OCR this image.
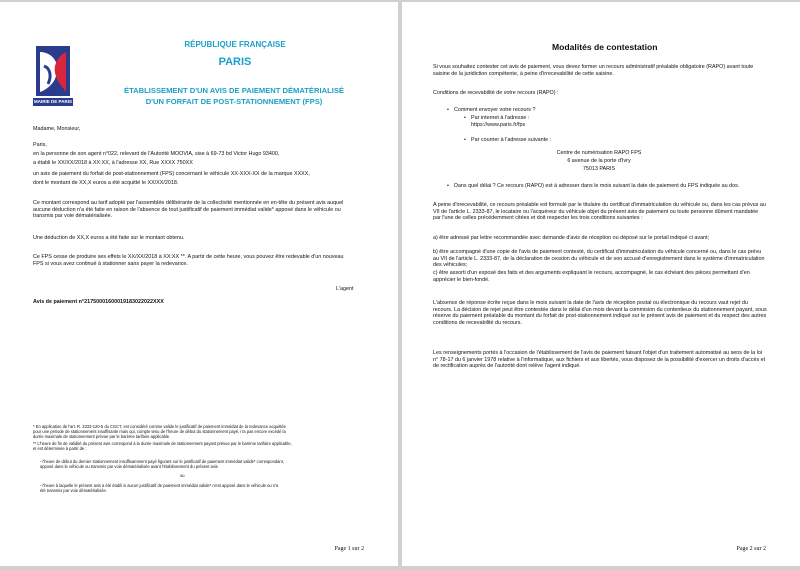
MAIRIE DE PARIS
RÉPUBLIQUE FRANÇAISE
PARIS
ÉTABLISSEMENT D'UN AVIS DE PAIEMENT DÉMATÉRIALISÉ
D'UN FORFAIT DE POST-STATIONNEMENT (FPS)
Madame, Monsieur,
Paris,
en la personne de son agent n°022, relevant de l'Autorité MOOVIA, sise à 69-73 bd Victor Hugo 93400,
a établi le XX/XX/2018 à XX:XX, à l'adresse XX, Rue XXXX 750XX
un avis de paiement du forfait de post-stationnement (FPS) concernant le véhicule XX-XXX-XX de la marque XXXX,
dont le montant de XX,X euros a été acquitté le XX/XX/2018.
Ce montant correspond au tarif adopté par l'assemblée délibérante de la collectivité mentionnée en en-tête du présent avis auquel aucune déduction n'a été faite en raison de l'absence de tout justificatif de paiement immédiat valide* apposé dans le véhicule ou transmis par voie dématérialisée.
Une déduction de XX,X euros a été faite sur le montant obtenu.
Ce FPS cesse de produire ses effets le XX/XX/2018 à XX:XX **. A partir de cette heure, vous pouvez être redevable d'un nouveau FPS si vous avez continué à stationner sans payer la redevance.
L'agent
Avis de paiement n°21750001600019183022022XXX
* En application de l'art. R. 2333-120-5 du CGCT, est considéré comme valide le justificatif de paiement immédiat de la redevance acquittée
pour une période de stationnement insuffisante mais qui, compte tenu de l'heure de début du stationnement payé, n'a pas encore excédé la
durée maximale de stationnement prévue par le barème tarifaire applicable.
** L'heure de fin de validité du présent avis correspond à la durée maximale de stationnement payant prévue par le barème tarifaire applicable,
et est déterminée à partir de :
- l'heure de début du dernier stationnement insuffisamment payé figurant sur le justificatif de paiement immédiat valide* correspondant,
apposé dans le véhicule ou transmis par voie dématérialisée avant l'établissement du présent avis
ou
- l'heure à laquelle le présent avis a été établi si aucun justificatif de paiement immédiat valide* n'est apposé dans le véhicule ou n'a
été transmis par voie dématérialisée.
Page 1 sur 2
Modalités de contestation
Si vous souhaitez contester cet avis de paiement, vous devez former un recours administratif préalable obligatoire (RAPO) avant toute saisine de la juridiction compétente, à peine d'irrecevabilité de cette saisine.
Conditions de recevabilité de votre recours (RAPO) :
• Comment envoyer votre recours ?
• Par internet à l'adresse :
https://www.paris.fr/fps
• Par courrier à l'adresse suivante :
Centre de numérisation RAPO FPS
6 avenue de la porte d'Ivry
75013 PARIS
• Dans quel délai ? Ce recours (RAPO) est à adresser dans le mois suivant la date de paiement du FPS indiquée au dos.
A peine d'irrecevabilité, ce recours préalable est formulé par le titulaire du certificat d'immatriculation du véhicule ou, dans les cas prévus au VII de l'article L. 2333-87, le locataire ou l'acquéreur du véhicule objet du présent avis de paiement ou toute personne dûment mandatée par l'une de celles précédemment citées et doit respecter les trois conditions suivantes :
a) être adressé par lettre recommandée avec demande d'avis de réception ou déposé sur le portail indiqué ci avant;
b) être accompagné d'une copie de l'avis de paiement contesté, du certificat d'immatriculation du véhicule concerné ou, dans le cas prévu au VII de l'article L. 2333-87, de la déclaration de cession du véhicule et de son accusé d'enregistrement dans le système d'immatriculation des véhicules;
c) être assorti d'un exposé des faits et des arguments expliquant le recours, accompagné, le cas échéant des pièces permettant d'en apprécier le bien-fondé.
L'absence de réponse écrite reçue dans le mois suivant la date de l'avis de réception postal ou électronique du recours vaut rejet du recours. La décision de rejet peut être contestée dans le délai d'un mois devant la commision du contentieux du stationnement payant, sous réserve du paiement préalable du montant du forfait de post-stationnement indiqué sur le présent avis de paiement et du respect des autres conditions de recevabilité du recours.
Les renseignements portés à l'occasion de l'établissement de l'avis de paiement faisant l'objet d'un traitement automatisé au sens de la loi n° 78-17 du 6 janvier 1978 relative à l'informatique, aux fichiers et aux libertés, vous disposez de la possibilité d'exercer un droits d'accès et de rectification auprès de l'autorité dont relève l'agent indiqué.
Page 2 sur 2
